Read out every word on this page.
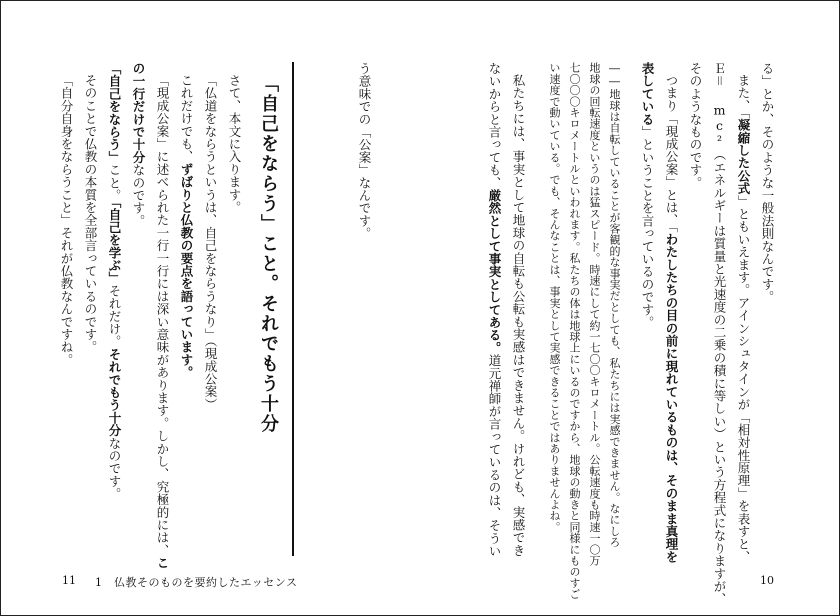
る」とか、そのような一般法則なんです。
また、「凝縮した公式」ともいえます。アインシュタインが「相対性原理」を表すと、
Ｅ＝ mc²（エネルギーは質量と光速度の二乗の積に等しい）という方程式になりますが、
そのようなものです。
つまり「現成公案」とは、「わたしたちの目の前に現れているものは、そのまま真理を
表している」ということを言っているのです。
――地球は自転していることが客観的な事実だとしても、私たちには実感できません。なにしろ
地球の回転速度というのは猛スピード。時速にして約一七〇〇キロメートル。公転速度も時速一〇万
七〇〇〇キロメートルといわれます。私たちの体は地球上にいるのですから、地球の動きと同様にものすご
い速度で動いている。でも、そんなことは、事実として実感できることではありませんよね。
私たちには、事実として地球の自転も公転も実感はできません。けれども、実感でき
ないからと言っても、厳然として事実としてある。道元禅師が言っているのは、そうい
う意味での「公案」なんです。
「自己をならう」こと。それでもう十分
さて、本文に入ります。
「仏道をならうというは、自己をならうなり」（現成公案）
これだけでも、ずばりと仏教の要点を語っています。
「現成公案」に述べられた一行一行には深い意味があります。しかし、究極的には、こ
の一行だけで十分なのです。
「自己をならう」こと。「自己を学ぶ」それだけ。それでもう十分なのです。
そのことで仏教の本質を全部言っているのです。
「自分自身をならうこと」それが仏教なんですね。
11 1　仏教そのものを要約したエッセンス	10
